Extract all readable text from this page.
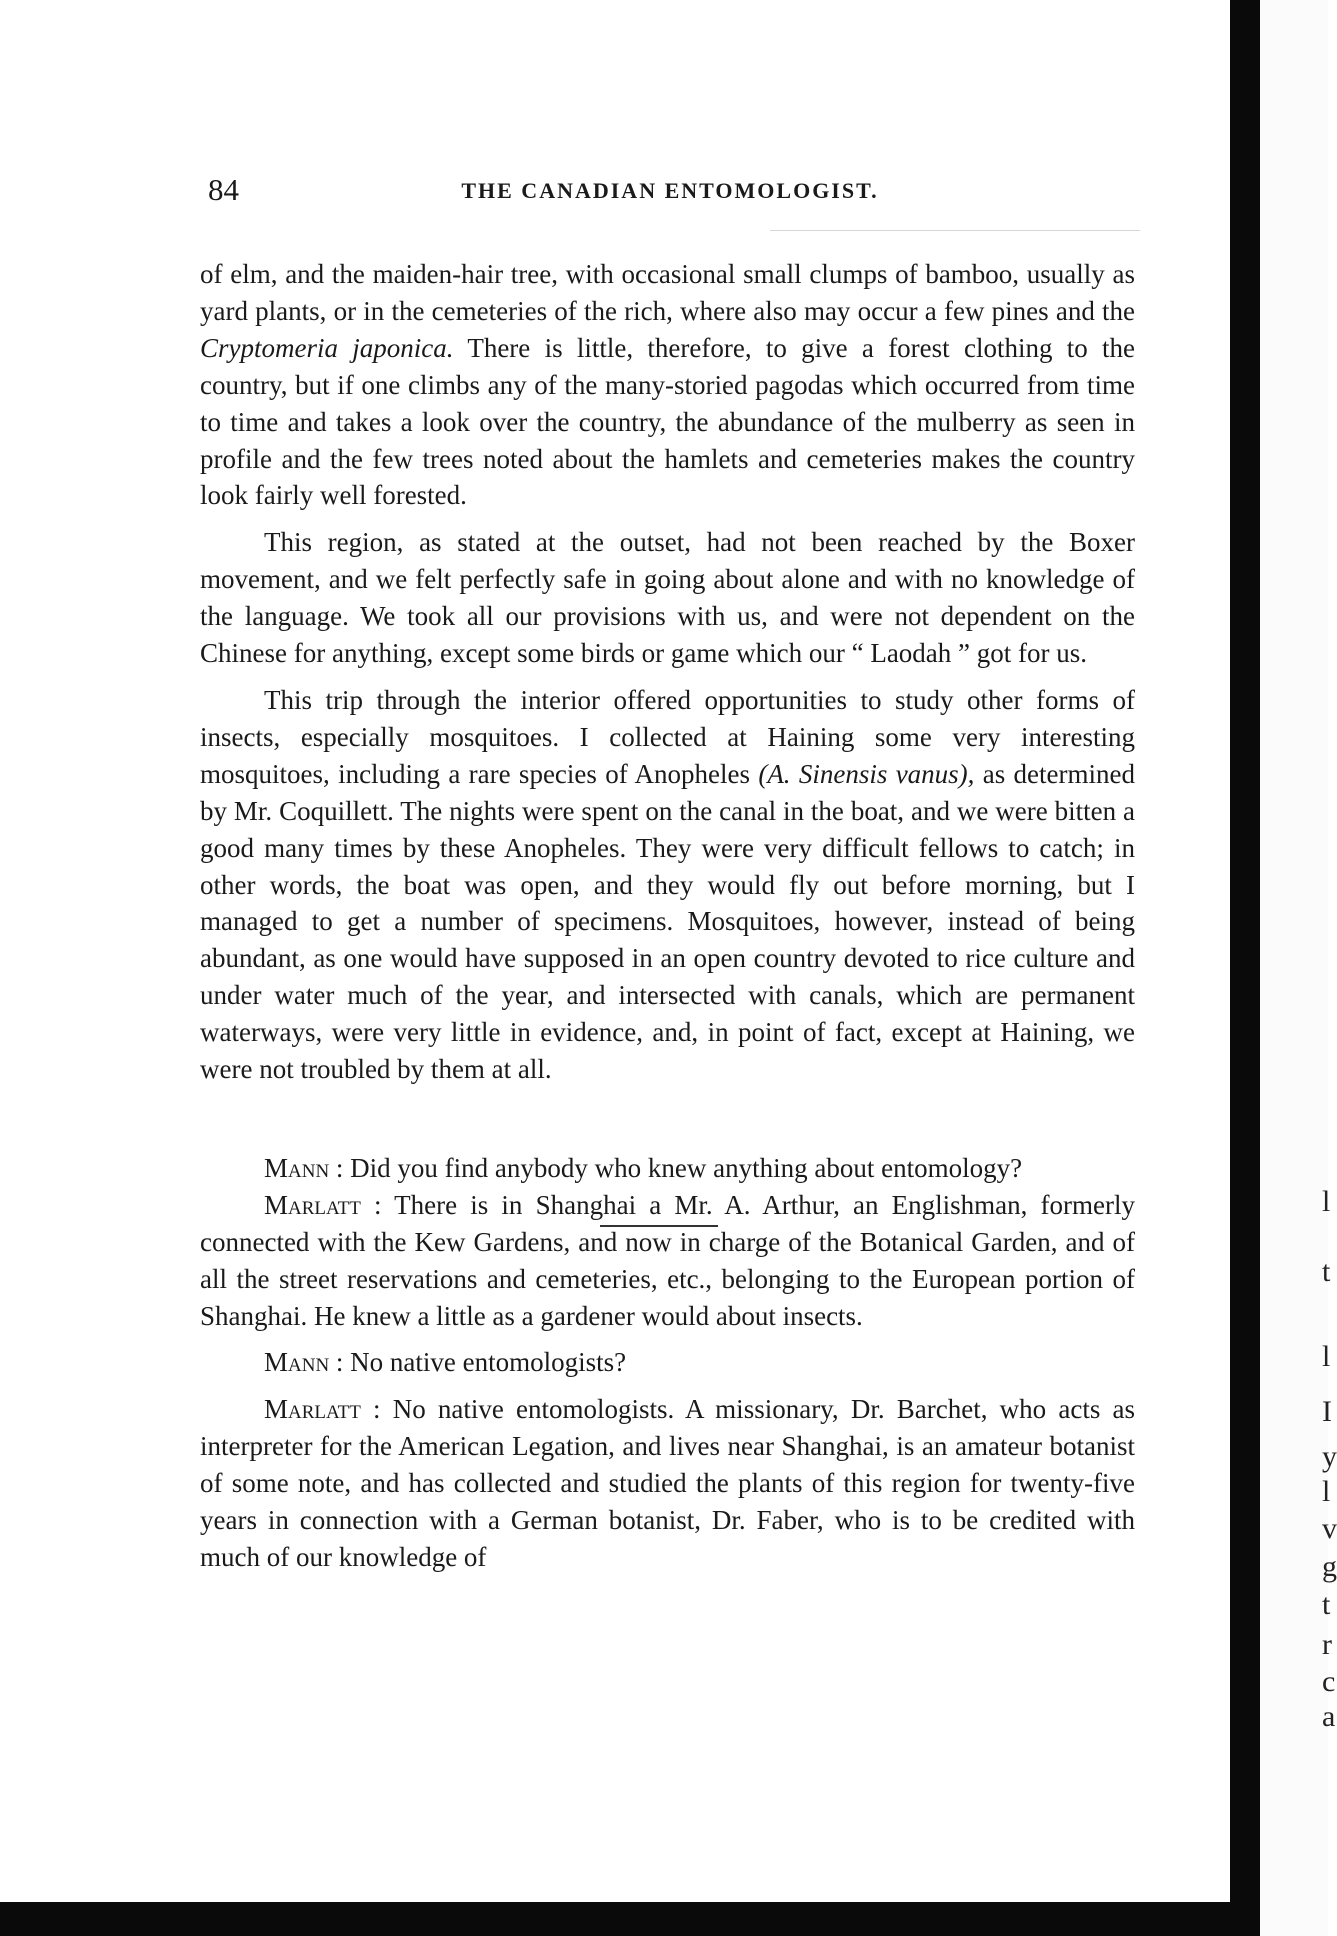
84	THE CANADIAN ENTOMOLOGIST.

of elm, and the maiden-hair tree, with occasional small clumps of bamboo, usually as yard plants, or in the cemeteries of the rich, where also may occur a few pines and the Cryptomeria japonica. There is little, therefore, to give a forest clothing to the country, but if one climbs any of the many-storied pagodas which occurred from time to time and takes a look over the country, the abundance of the mulberry as seen in profile and the few trees noted about the hamlets and cemeteries makes the country look fairly well forested.

This region, as stated at the outset, had not been reached by the Boxer movement, and we felt perfectly safe in going about alone and with no knowledge of the language. We took all our provisions with us, and were not dependent on the Chinese for anything, except some birds or game which our “ Laodah ” got for us.

This trip through the interior offered opportunities to study other forms of insects, especially mosquitoes. I collected at Haining some very interesting mosquitoes, including a rare species of Anopheles (A. Sinensis vanus), as determined by Mr. Coquillett. The nights were spent on the canal in the boat, and we were bitten a good many times by these Anopheles. They were very difficult fellows to catch; in other words, the boat was open, and they would fly out before morning, but I managed to get a number of specimens. Mosquitoes, however, instead of being abundant, as one would have supposed in an open country devoted to rice culture and under water much of the year, and intersected with canals, which are permanent waterways, were very little in evidence, and, in point of fact, except at Haining, we were not troubled by them at all.

Mann : Did you find anybody who knew anything about entomology?

Marlatt : There is in Shanghai a Mr. A. Arthur, an Englishman, formerly connected with the Kew Gardens, and now in charge of the Botanical Garden, and of all the street reservations and cemeteries, etc., belonging to the European portion of Shanghai. He knew a little as a gardener would about insects.

Mann : No native entomologists?

Marlatt : No native entomologists. A missionary, Dr. Barchet, who acts as interpreter for the American Legation, and lives near Shanghai, is an amateur botanist of some note, and has collected and studied the plants of this region for twenty-five years in connection with a German botanist, Dr. Faber, who is to be credited with much of our knowledge of

l
t
l
I
y
l
v
g
t
r
c
a
